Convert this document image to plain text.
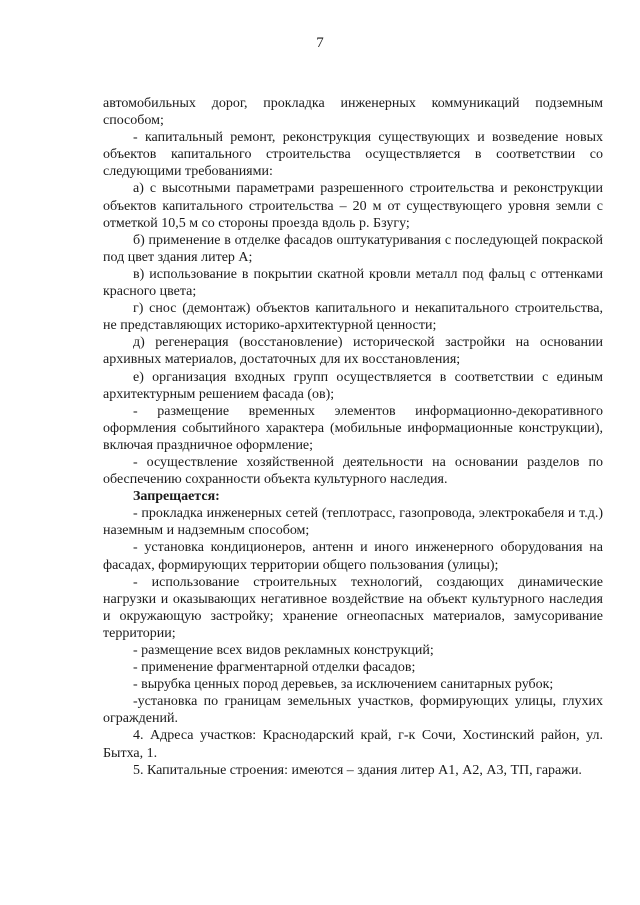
7

автомобильных дорог, прокладка инженерных коммуникаций подземным способом;

- капитальный ремонт, реконструкция существующих и возведение новых объектов капитального строительства осуществляется в соответствии со следующими требованиями:

а) с высотными параметрами разрешенного строительства и реконструкции объектов капитального строительства – 20 м от существующего уровня земли с отметкой 10,5 м со стороны проезда вдоль р. Бзугу;

б) применение в отделке фасадов оштукатуривания с последующей покраской под цвет здания литер А;

в) использование в покрытии скатной кровли металл под фальц с оттенками красного цвета;

г) снос (демонтаж) объектов капитального и некапитального строительства, не представляющих историко-архитектурной ценности;

д) регенерация (восстановление) исторической застройки на основании архивных материалов, достаточных для их восстановления;

е) организация входных групп осуществляется в соответствии с единым архитектурным решением фасада (ов);

- размещение временных элементов информационно-декоративного оформления событийного характера (мобильные информационные конструкции), включая праздничное оформление;

- осуществление хозяйственной деятельности на основании разделов по обеспечению сохранности объекта культурного наследия.

Запрещается:

- прокладка инженерных сетей (теплотрасс, газопровода, электрокабеля и т.д.) наземным и надземным способом;

- установка кондиционеров, антенн и иного инженерного оборудования на фасадах, формирующих территории общего пользования (улицы);

- использование строительных технологий, создающих динамические нагрузки и оказывающих негативное воздействие на объект культурного наследия и окружающую застройку; хранение огнеопасных материалов, замусоривание территории;

- размещение всех видов рекламных конструкций;

- применение фрагментарной отделки фасадов;

- вырубка ценных пород деревьев, за исключением санитарных рубок;

-установка по границам земельных участков, формирующих улицы, глухих ограждений.

4. Адреса участков: Краснодарский край, г-к Сочи, Хостинский район, ул. Бытха, 1.

5. Капитальные строения: имеются – здания литер А1, А2, А3, ТП, гаражи.
